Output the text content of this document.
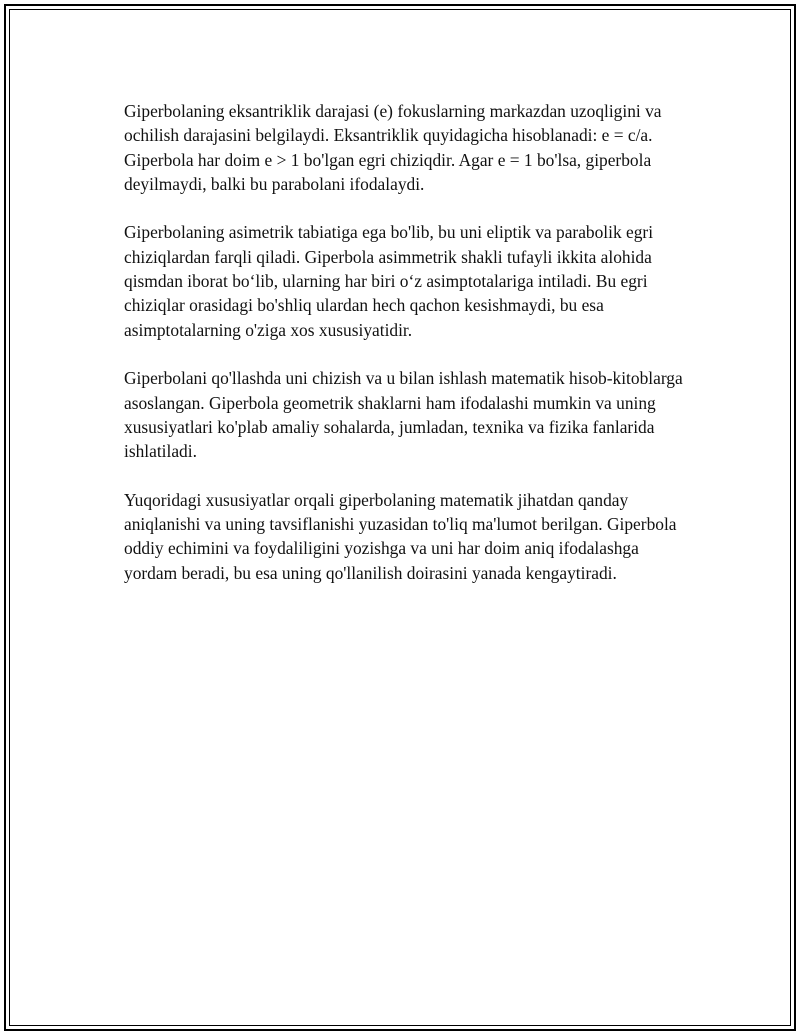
Giperbolaning eksantriklik darajasi (e) fokuslarning markazdan uzoqligini va ochilish darajasini belgilaydi. Eksantriklik quyidagicha hisoblanadi: e = c/a. Giperbola har doim e > 1 bo'lgan egri chiziqdir. Agar e = 1 bo'lsa, giperbola deyilmaydi, balki bu parabolani ifodalaydi.

Giperbolaning asimetrik tabiatiga ega bo'lib, bu uni eliptik va parabolik egri chiziqlardan farqli qiladi. Giperbola asimmetrik shakli tufayli ikkita alohida qismdan iborat bo‘lib, ularning har biri o‘z asimptotalariga intiladi. Bu egri chiziqlar orasidagi bo'shliq ulardan hech qachon kesishmaydi, bu esa asimptotalarning o'ziga xos xususiyatidir.

Giperbolani qo'llashda uni chizish va u bilan ishlash matematik hisob-kitoblarga asoslangan. Giperbola geometrik shaklarni ham ifodalashi mumkin va uning xususiyatlari ko'plab amaliy sohalarda, jumladan, texnika va fizika fanlarida ishlatiladi.

Yuqoridagi xususiyatlar orqali giperbolaning matematik jihatdan qanday aniqlanishi va uning tavsiflanishi yuzasidan to'liq ma'lumot berilgan. Giperbola oddiy echimini va foydaliligini yozishga va uni har doim aniq ifodalashga yordam beradi, bu esa uning qo'llanilish doirasini yanada kengaytiradi.
